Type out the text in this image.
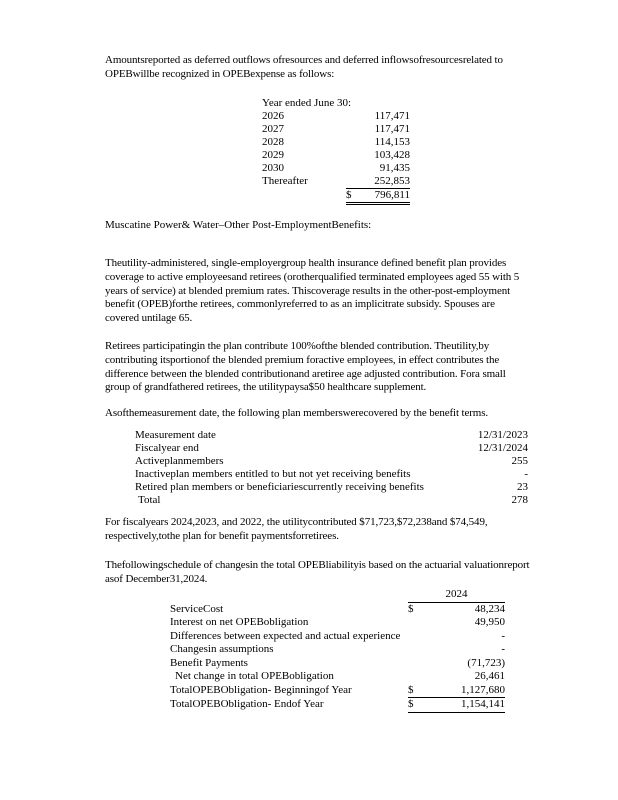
Amountsreported as deferred outflows ofresources and deferred inflowsofresourcesrelated to OPEBwillbe recognized in OPEBexpense as follows:

Year ended June 30:
2026	117,471
2027	117,471
2028	114,153
2029	103,428
2030	91,435
Thereafter	252,853
$ 796,811

Muscatine Power& Water–Other Post-EmploymentBenefits:

Theutility-administered, single-employergroup health insurance defined benefit plan provides coverage to active employeesand retirees (orotherqualified terminated employees aged 55 with 5 years of service) at blended premium rates. Thiscoverage results in the other-post-employment benefit (OPEB)forthe retirees, commonlyreferred to as an implicitrate subsidy. Spouses are covered untilage 65.

Retirees participatingin the plan contribute 100%ofthe blended contribution. Theutility,by contributing itsportionof the blended premium foractive employees, in effect contributes the difference between the blended contributionand aretiree age adjusted contribution. Fora small group of grandfathered retirees, the utilitypaysa$50 healthcare supplement.

Asofthemeasurement date, the following plan memberswerecovered by the benefit terms.

Measurement date	12/31/2023
Fiscalyear end	12/31/2024
Activeplanmembers	255
Inactiveplan members entitled to but not yet receiving benefits	-
Retired plan members or beneficiariescurrently receiving benefits	23
Total	278

For fiscalyears 2024,2023, and 2022, the utilitycontributed $71,723,$72,238and $74,549, respectively,tothe plan for benefit paymentsforretirees.

Thefollowingschedule of changesin the total OPEBliabilityis based on the actuarial valuationreport asof December31,2024.

2024
ServiceCost	$	48,234
Interest on net OPEBobligation	49,950
Differences between expected and actual experience	-
Changesin assumptions	-
Benefit Payments	(71,723)
Net change in total OPEBobligation	26,461
TotalOPEBObligation- Beginningof Year	$	1,127,680
TotalOPEBObligation- Endof Year	$	1,154,141
